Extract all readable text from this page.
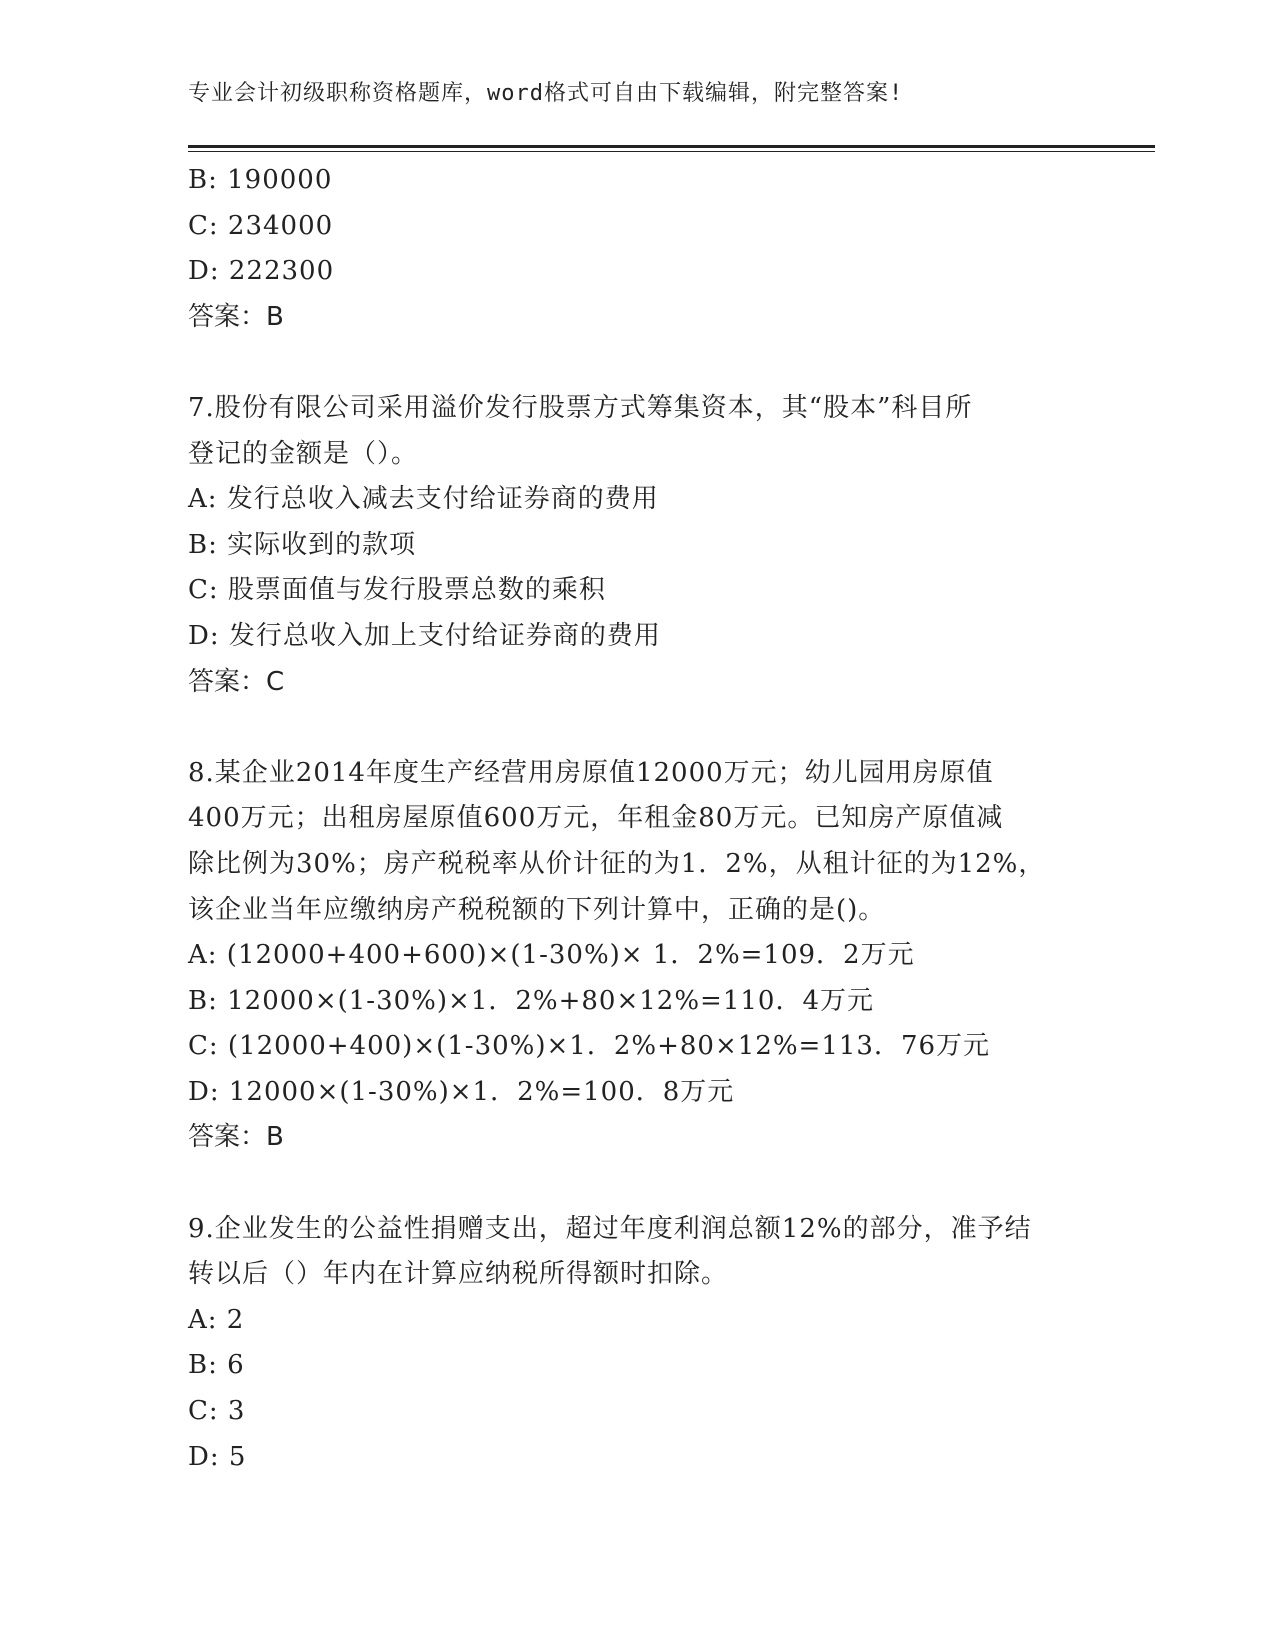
专业会计初级职称资格题库，word格式可自由下载编辑，附完整答案!
B: 190000
C: 234000
D: 222300
答案：B
7.股份有限公司采用溢价发行股票方式筹集资本，其“股本”科目所
登记的金额是（）。
A: 发行总收入减去支付给证券商的费用
B: 实际收到的款项
C: 股票面值与发行股票总数的乘积
D: 发行总收入加上支付给证券商的费用
答案：C
8.某企业2014年度生产经营用房原值12000万元；幼儿园用房原值
400万元；出租房屋原值600万元，年租金80万元。已知房产原值减
除比例为30%；房产税税率从价计征的为1．2%，从租计征的为12%，
该企业当年应缴纳房产税税额的下列计算中，正确的是()。
A: (12000+400+600)×(1-30%)× 1．2%=109．2万元
B: 12000×(1-30%)×1．2%+80×12%=110．4万元
C: (12000+400)×(1-30%)×1．2%+80×12%=113．76万元
D: 12000×(1-30%)×1．2%=100．8万元
答案：B
9.企业发生的公益性捐赠支出，超过年度利润总额12%的部分，准予结
转以后（）年内在计算应纳税所得额时扣除。
A: 2
B: 6
C: 3
D: 5
